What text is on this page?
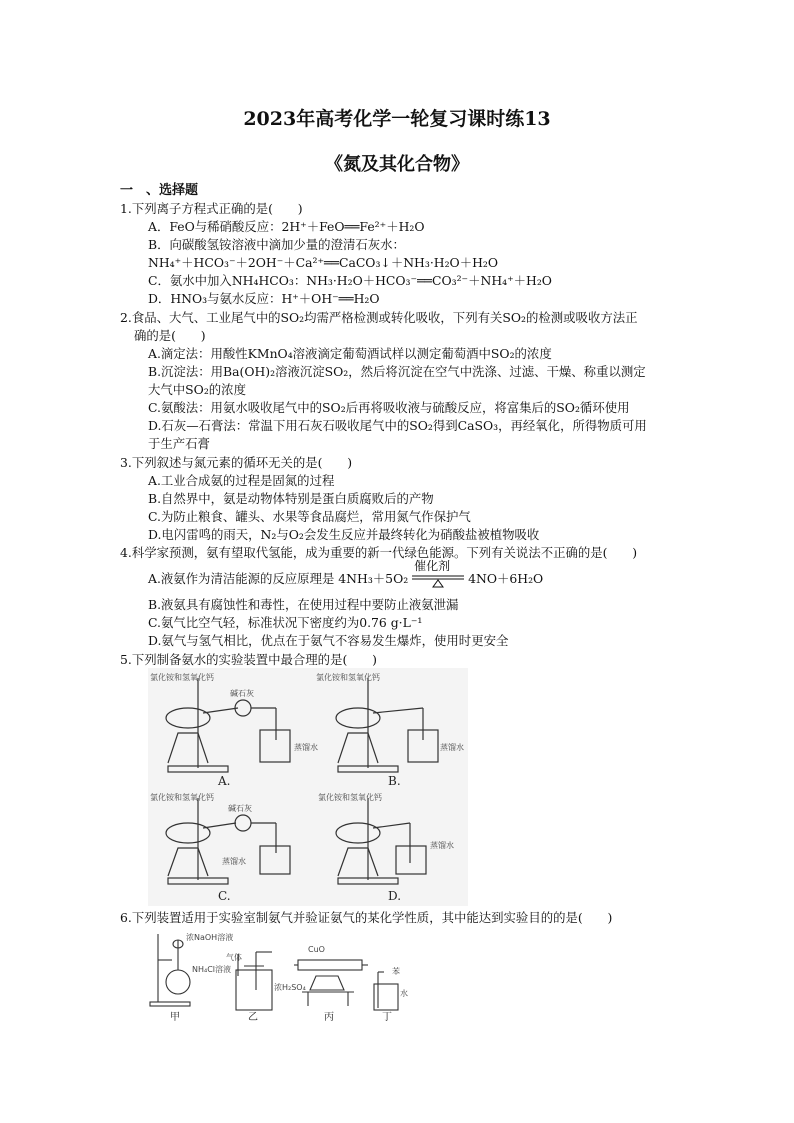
2023年高考化学一轮复习课时练13
《氮及其化合物》
一　、选择题
1.下列离子方程式正确的是(　　)
A．FeO与稀硝酸反应：2H⁺＋FeO══Fe²⁺＋H₂O
B．向碳酸氢铵溶液中滴加少量的澄清石灰水：
NH₄⁺＋HCO₃⁻＋2OH⁻＋Ca²⁺══CaCO₃↓＋NH₃·H₂O＋H₂O
C．氨水中加入NH₄HCO₃：NH₃·H₂O＋HCO₃⁻══CO₃²⁻＋NH₄⁺＋H₂O
D．HNO₃与氨水反应：H⁺＋OH⁻══H₂O
2.食品、大气、工业尾气中的SO₂均需严格检测或转化吸收，下列有关SO₂的检测或吸收方法正
确的是(　　)
A.滴定法：用酸性KMnO₄溶液滴定葡萄酒试样以测定葡萄酒中SO₂的浓度
B.沉淀法：用Ba(OH)₂溶液沉淀SO₂，然后将沉淀在空气中洗涤、过滤、干燥、称重以测定
大气中SO₂的浓度
C.氨酸法：用氨水吸收尾气中的SO₂后再将吸收液与硫酸反应，将富集后的SO₂循环使用
D.石灰—石膏法：常温下用石灰石吸收尾气中的SO₂得到CaSO₃，再经氧化，所得物质可用
于生产石膏
3.下列叙述与氮元素的循环无关的是(　　)
A.工业合成氨的过程是固氮的过程
B.自然界中，氨是动物体特别是蛋白质腐败后的产物
C.为防止粮食、罐头、水果等食品腐烂，常用氮气作保护气
D.电闪雷鸣的雨天，N₂与O₂会发生反应并最终转化为硝酸盐被植物吸收
4.科学家预测，氨有望取代氢能，成为重要的新一代绿色能源。下列有关说法不正确的是(　　)
A.液氨作为清洁能源的反应原理是 4NH₃＋5O₂
催化剂
4NO＋6H₂O
B.液氨具有腐蚀性和毒性，在使用过程中要防止液氨泄漏
C.氨气比空气轻，标准状况下密度约为0.76 g·L⁻¹
D.氨气与氢气相比，优点在于氨气不容易发生爆炸，使用时更安全
5.下列制备氨水的实验装置中最合理的是(　　)
氯化铵和氢氧化钙
碱石灰
蒸馏水
氯化铵和氢氧化钙
蒸馏水
氯化铵和氢氧化钙
碱石灰
蒸馏水
氯化铵和氢氧化钙
蒸馏水
A.	B.
C.	D.
6.下列装置适用于实验室制氨气并验证氨气的某化学性质，其中能达到实验目的的是(　　)
浓NaOH溶液
NH₄Cl溶液
气体
浓H₂SO₄
CuO
苯
水
甲	乙	丙	丁
